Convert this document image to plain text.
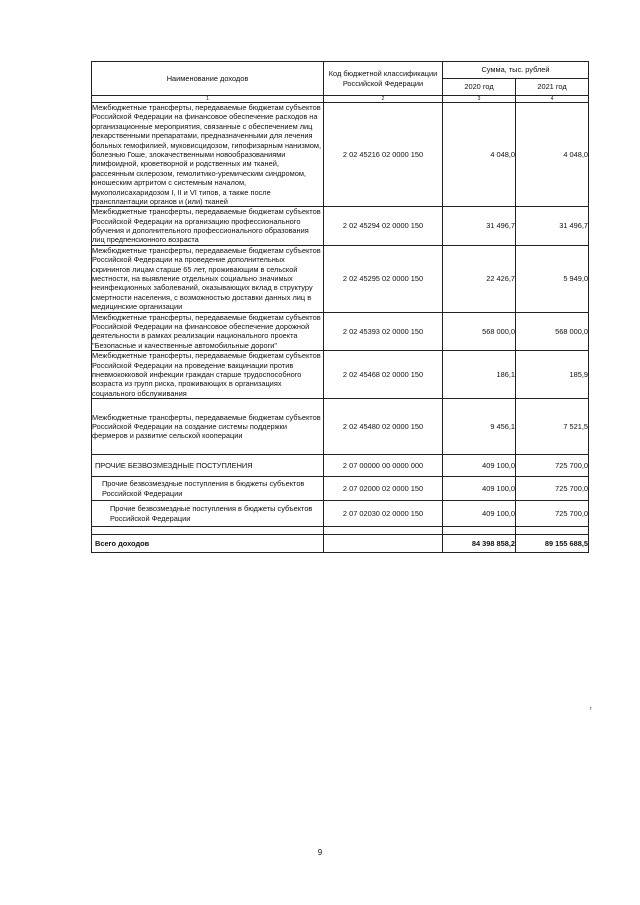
Наименование доходов	Код бюджетной классификации Российской Федерации	Сумма, тыс. рублей	
		2020 год	2021 год
1	2	3	4
Межбюджетные трансферты, передаваемые бюджетам субъектов Российской Федерации на финансовое обеспечение расходов на организационные мероприятия, связанные с обеспечением лиц лекарственными препаратами, предназначенными для лечения больных гемофилией, муковисцидозом, гипофизарным нанизмом, болезнью Гоше, злокачественными новообразованиями лимфоидной, кроветворной и родственных им тканей, рассеянным склерозом, гемолитико-уремическим синдромом, юношеским артритом с системным началом, мукополисахаридозом I, II и VI типов, а также после трансплантации органов и (или) тканей	2 02 45216 02 0000 150	4 048,0	4 048,0
Межбюджетные трансферты, передаваемые бюджетам субъектов Российской Федерации на организацию профессионального обучения и дополнительного профессионального образования лиц предпенсионного возраста	2 02 45294 02 0000 150	31 496,7	31 496,7
Межбюджетные трансферты, передаваемые бюджетам субъектов Российской Федерации на проведение дополнительных скринингов лицам старше 65 лет, проживающим в сельской местности, на выявление отдельных социально значимых неинфекционных заболеваний, оказывающих вклад в структуру смертности населения, с возможностью доставки данных лиц в медицинские организации	2 02 45295 02 0000 150	22 426,7	5 949,0
Межбюджетные трансферты, передаваемые бюджетам субъектов Российской Федерации на финансовое обеспечение дорожной деятельности в рамках реализации национального проекта "Безопасные и качественные автомобильные дороги"	2 02 45393 02 0000 150	568 000,0	568 000,0
Межбюджетные трансферты, передаваемые бюджетам субъектов Российской Федерации на проведение вакцинации против пневмококковой инфекции граждан старше трудоспособного возраста из групп риска, проживающих в организациях социального обслуживания	2 02 45468 02 0000 150	186,1	185,9
Межбюджетные трансферты, передаваемые бюджетам субъектов Российской Федерации на создание системы поддержки фермеров и развитие сельской кооперации	2 02 45480 02 0000 150	9 456,1	7 521,5
ПРОЧИЕ БЕЗВОЗМЕЗДНЫЕ ПОСТУПЛЕНИЯ	2 07 00000 00 0000 000	409 100,0	725 700,0
Прочие безвозмездные поступления в бюджеты субъектов Российской Федерации	2 07 02000 02 0000 150	409 100,0	725 700,0
Прочие безвозмездные поступления в бюджеты субъектов Российской Федерации	2 07 02030 02 0000 150	409 100,0	725 700,0

Всего доходов		84 398 858,2	89 155 688,5
г
9
